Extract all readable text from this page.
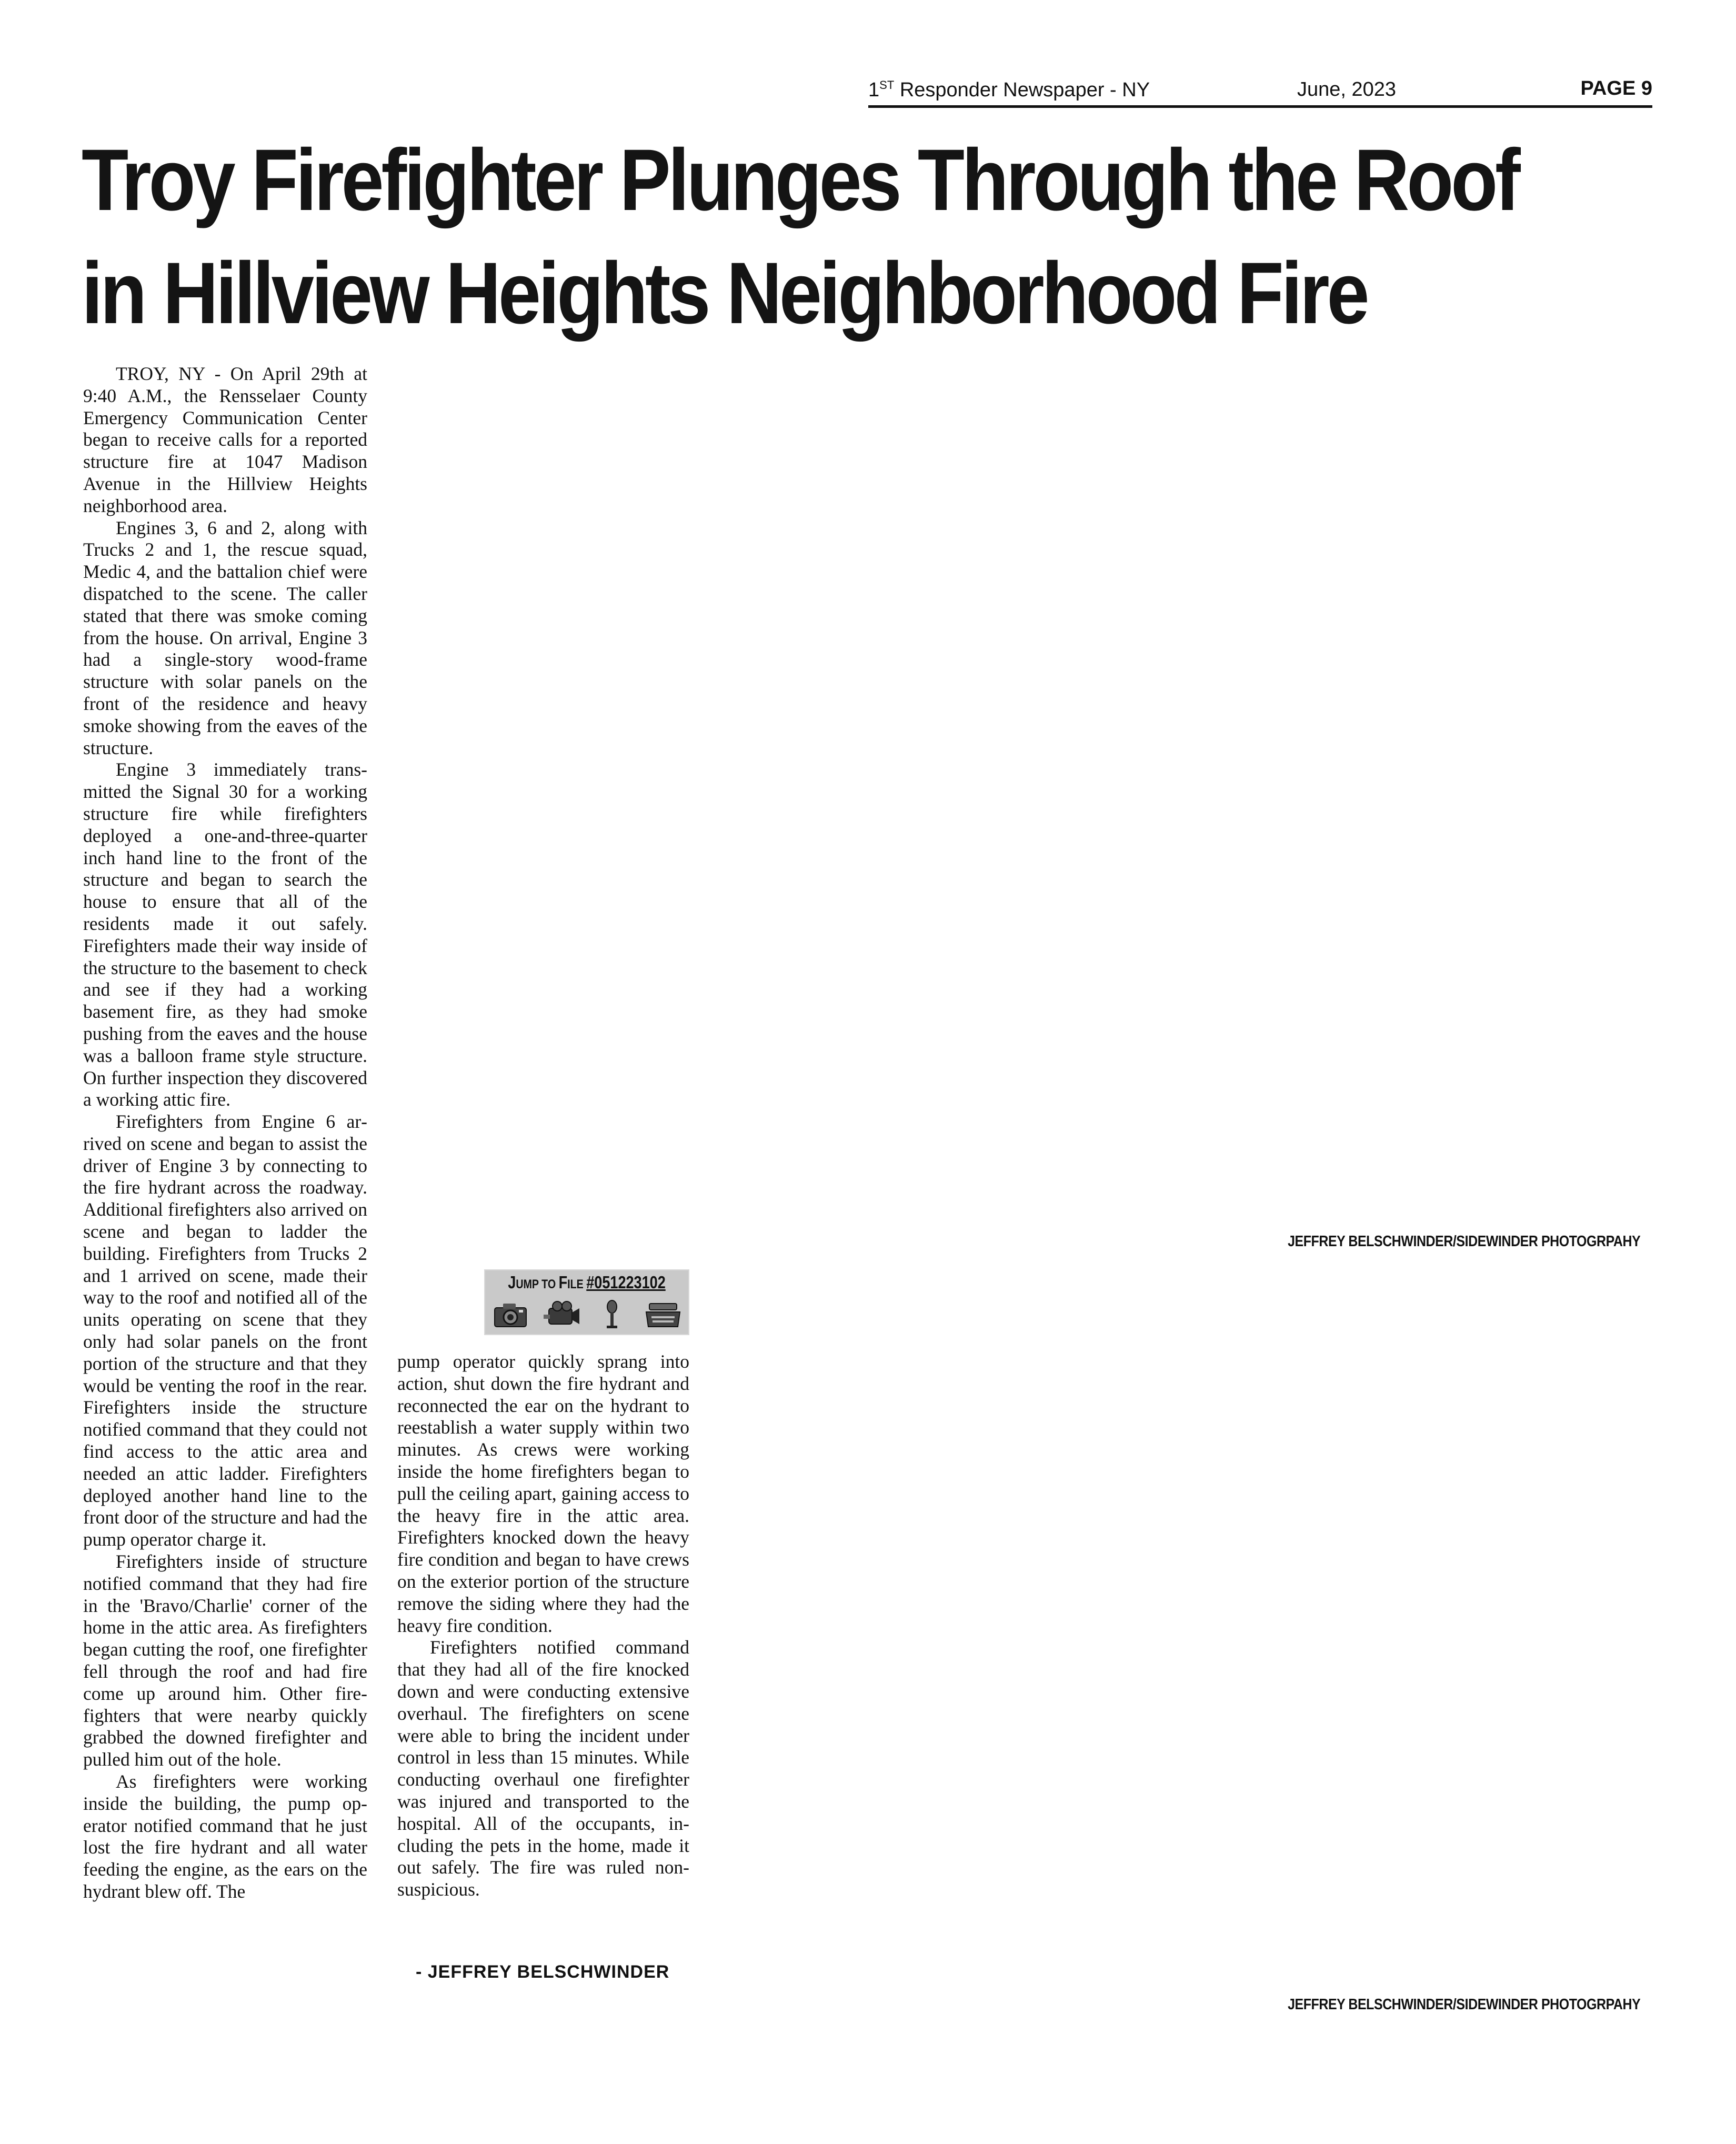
1ST Responder Newspaper - NY	June, 2023	PAGE 9
Troy Firefighter Plunges Through the Roof
in Hillview Heights Neighborhood Fire

TROY, NY - On April 29th at 9:40 A.M., the Rensselaer County Emergency Communication Center began to receive calls for a reported structure fire at 1047 Madison Avenue in the Hillview Heights neighborhood area.

Engines 3, 6 and 2, along with Trucks 2 and 1, the rescue squad, Medic 4, and the battalion chief were dispatched to the scene. The caller stated that there was smoke coming from the house. On arrival, Engine 3 had a single-story wood-frame structure with solar panels on the front of the residence and heavy smoke showing from the eaves of the structure.

Engine 3 immediately transmitted the Signal 30 for a working structure fire while firefighters deployed a one-and-three-quarter inch hand line to the front of the structure and began to search the house to ensure that all of the residents made it out safely. Firefighters made their way inside of the structure to the basement to check and see if they had a working basement fire, as they had smoke pushing from the eaves and the house was a balloon frame style structure. On further inspection they discovered a working attic fire.

Firefighters from Engine 6 arrived on scene and began to assist the driver of Engine 3 by connecting to the fire hydrant across the roadway. Additional firefighters also arrived on scene and began to ladder the building. Firefighters from Trucks 2 and 1 arrived on scene, made their way to the roof and notified all of the units operating on scene that they only had solar panels on the front portion of the structure and that they would be venting the roof in the rear. Firefighters inside the structure notified command that they could not find access to the attic area and needed an attic ladder. Firefighters deployed another hand line to the front door of the structure and had the pump operator charge it.

Firefighters inside of structure notified command that they had fire in the 'Bravo/Charlie' corner of the home in the attic area. As firefighters began cutting the roof, one firefighter fell through the roof and had fire come up around him. Other firefighters that were nearby quickly grabbed the downed firefighter and pulled him out of the hole.

As firefighters were working inside the building, the pump operator notified command that he just lost the fire hydrant and all water feeding the engine, as the ears on the hydrant blew off. The

JUMP TO FILE #051223102

pump operator quickly sprang into action, shut down the fire hydrant and reconnected the ear on the hydrant to reestablish a water supply within two minutes. As crews were working inside the home firefighters began to pull the ceiling apart, gaining access to the heavy fire in the attic area. Firefighters knocked down the heavy fire condition and began to have crews on the exterior portion of the structure remove the siding where they had the heavy fire condition.

Firefighters notified command that they had all of the fire knocked down and were conducting extensive overhaul. The firefighters on scene were able to bring the incident under control in less than 15 minutes. While conducting overhaul one firefighter was injured and transported to the hospital. All of the occupants, including the pets in the home, made it out safely. The fire was ruled non-suspicious.

- JEFFREY BELSCHWINDER
JEFFREY BELSCHWINDER/SIDEWINDER PHOTOGRPAHY
JEFFREY BELSCHWINDER/SIDEWINDER PHOTOGRPAHY
